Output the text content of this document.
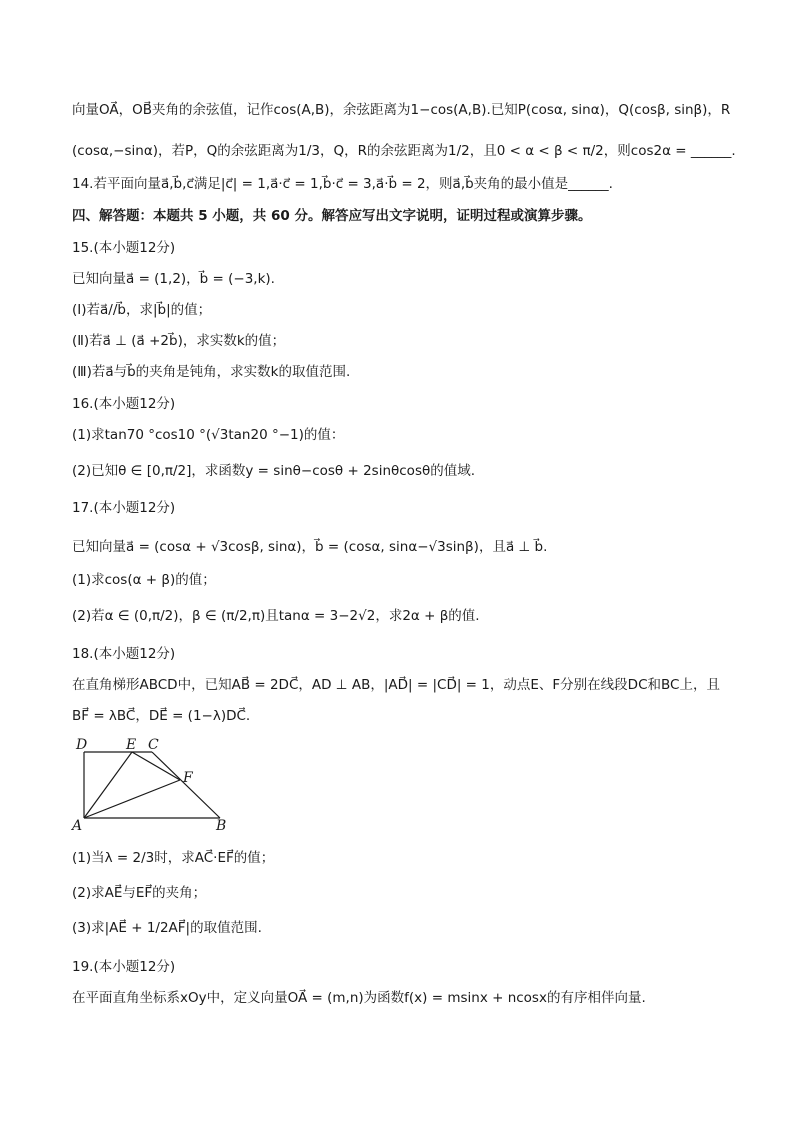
向量OA⃗，OB⃗夹角的余弦值，记作cos(A,B)，余弦距离为1−cos(A,B).已知P(cosα, sinα)，Q(cosβ, sinβ)，R
(cosα,−sinα)，若P，Q的余弦距离为1/3，Q，R的余弦距离为1/2，且0 < α < β < π/2，则cos2α = ______.
14.若平面向量a⃗,b⃗,c⃗满足|c⃗| = 1,a⃗·c⃗ = 1,b⃗·c⃗ = 3,a⃗·b⃗ = 2，则a⃗,b⃗夹角的最小值是______.
四、解答题：本题共 5 小题，共 60 分。解答应写出文字说明，证明过程或演算步骤。
15.(本小题12分)
已知向量a⃗ = (1,2)，b⃗ = (−3,k).
(Ⅰ)若a⃗//b⃗，求|b⃗|的值；
(Ⅱ)若a⃗ ⊥ (a⃗ +2b⃗)，求实数k的值；
(Ⅲ)若a⃗与b⃗的夹角是钝角，求实数k的取值范围.
16.(本小题12分)
(1)求tan70 °cos10 °(√3tan20 °−1)的值：
(2)已知θ ∈ [0,π/2]，求函数y = sinθ−cosθ + 2sinθcosθ的值域.
17.(本小题12分)
已知向量a⃗ = (cosα + √3cosβ, sinα)，b⃗ = (cosα, sinα−√3sinβ)，且a⃗ ⊥ b⃗.
(1)求cos(α + β)的值；
(2)若α ∈ (0,π/2)，β ∈ (π/2,π)且tanα = 3−2√2，求2α + β的值.
18.(本小题12分)
在直角梯形ABCD中，已知AB⃗ = 2DC⃗，AD ⊥ AB，|AD⃗| = |CD⃗| = 1，动点E、F分别在线段DC和BC上，且
BF⃗ = λBC⃗，DE⃗ = (1−λ)DC⃗.
D	E C
F
A	B
(1)当λ = 2/3时，求AC⃗·EF⃗的值；
(2)求AE⃗与EF⃗的夹角；
(3)求|AE⃗ + 1/2AF⃗|的取值范围.
19.(本小题12分)
在平面直角坐标系xOy中，定义向量OA⃗ = (m,n)为函数f(x) = msinx + ncosx的有序相伴向量.
